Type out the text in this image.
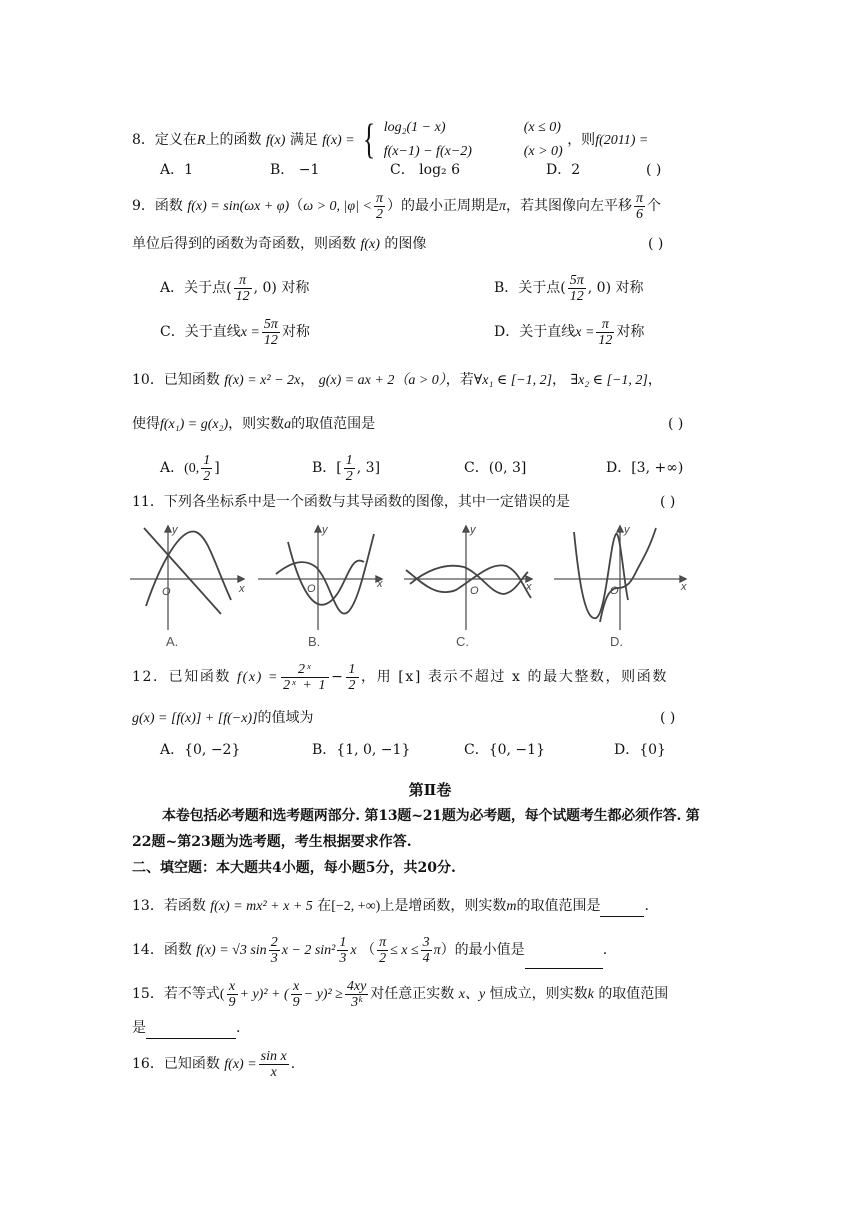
8．定义在R上的函数 f(x) 满足 f(x) = { log₂(1 − x)	(x ≤ 0)
f(x−1) − f(x−2)	(x > 0)
，则f(2011) =
A．1	B． −1	C． log₂ 6	D．2	( )
9．函数 f(x) = sin(ωx + φ)（ω > 0, $|\varphi| < \frac{\pi}{2}$ ）的最小正周期是π，若其图像向左平移 $\frac{\pi}{6}$ 个
单位后得到的函数为奇函数，则函数 f(x) 的图像	( )
A．关于点( $\frac{\pi}{12}$ , 0) 对称	B．关于点( $\frac{5\pi}{12}$ , 0) 对称
C．关于直线$x = \frac{5\pi}{12}$ 对称	D．关于直线$x = \frac{\pi}{12}$ 对称
10．已知函数 f(x) = x² − 2x， g(x) = ax + 2（a > 0），若∀x₁ ∈ [−1, 2]， ∃x₂ ∈ [−1, 2]，
使得f(x₁) = g(x₂)，则实数a的取值范围是	( )
A．(0, $\frac{1}{2}$ ]	B．[ $\frac{1}{2}$ , 3]	C．(0, 3]	D．[3, +∞)
11．下列各坐标系中是一个函数与其导函数的图像，其中一定错误的是	( )
x
y
O
x
y
O	x
y
O	x
y
O
A.	B.	C.	D.
12．已知函数 $f(x) = \frac{\text{2ˣ}}{\text{2ˣ + 1}} - \frac{1}{2}$ ，用 [x] 表示不超过 x 的最大整数，则函数
g(x) = [f(x)] + [f(−x)]的值域为	( )
A．{0, −2}	B．{1, 0, −1}	C．{0, −1}	D．{0}
第Ⅱ卷
本卷包括必考题和选考题两部分. 第13题~21题为必考题，每个试题考生都必须作答. 第
22题~第23题为选考题，考生根据要求作答.
二、填空题：本大题共4小题，每小题5分，共20分.
13．若函数 f(x) = mx² + x + 5 在[−2, +∞)上是增函数，则实数m的取值范围是	.
14．函数 f(x) = √3 $\sin \frac{2}{3}$ x − 2 $\sin^2 \frac{1}{3}$ x （ $\frac{\pi}{2} \le x \le \frac{3}{4} \pi$）的最小值是	.
15．若不等式( $\frac{x}{9} + y)^2$ + ( $\frac{x}{9} - y)^2 \ge \frac{4xy}{\text{3ᵏ}}$ 对任意正实数 x、y 恒成立，则实数k 的取值范围
是	.
16．已知函数 $f(x) = \frac{\text{sin x}}{x}$ .
